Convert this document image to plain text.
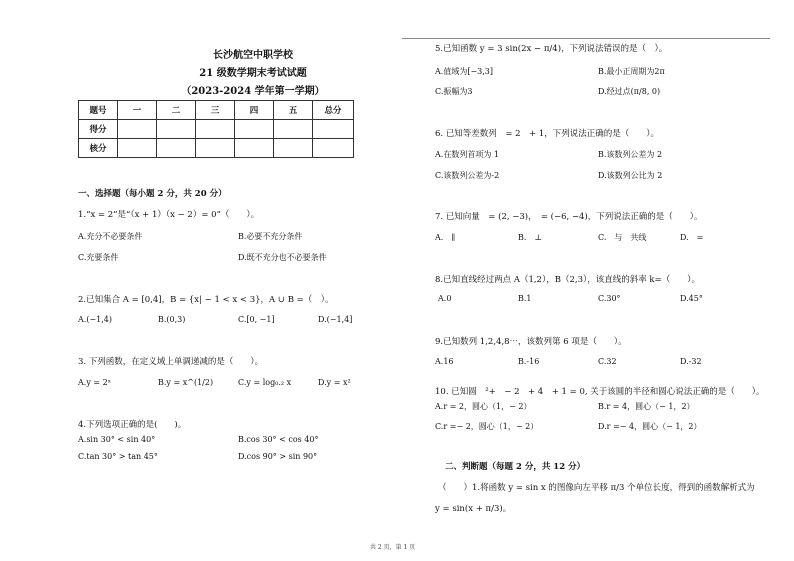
长沙航空中职学校
21 级数学期末考试试题
（2023-2024 学年第一学期）
题号	一	二	三	四	五	总分
得分						
核分						
一、选择题（每小题 2 分，共 20 分）
1.“x = 2”是“（x + 1）（x − 2）= 0”（　　）。
A.充分不必要条件	B.必要不充分条件
C.充要条件	D.既不充分也不必要条件
2.已知集合 A = [0,4]，B = {x| − 1 < x < 3}，A ∪ B =（　）。
A.(−1,4)	B.(0,3)	C.[0, −1]	D.(−1,4]
3. 下列函数，在定义域上单调递减的是（　　）。
A.y = 2ˣ	B.y = x^(1/2)	C.y = log₀.₂ x	D.y = x²
4.下列选项正确的是(　　)。
A.sin 30° < sin 40°	B.cos 30° < cos 40°
C.tan 30° > tan 45°	D.cos 90° > sin 90°
5.已知函数 y = 3 sin(2x − π/4)，下列说法错误的是（　）。
A.值域为[−3,3]	B.最小正周期为2π
C.振幅为3	D.经过点(π/8, 0)
6. 已知等差数列　= 2　+ 1，下列说法正确的是（　　）。
A.在数列首项为 1	B.该数列公差为 2
C.该数列公差为-2	D.该数列公比为 2
7. 已知向量　= (2, −3)，　= (−6, −4)，下列说法正确的是（　　）。
A.　∥	B.　⊥	C.　与　共线	D.　=
8.已知直线经过两点 A（1,2），B（2,3），该直线的斜率 k=（　　）。
A.0	B.1	C.30°	D.45°
9.已知数列 1,2,4,8⋯，该数列第 6 项是（　　）。
A.16	B.-16	C.32	D.-32
10. 已知圆　²+　− 2　+ 4　+ 1 = 0, 关于该圆的半径和圆心说法正确的是（　　）。
A.r = 2，圆心（1，− 2）	B.r = 4，圆心（− 1，2）
C.r =− 2，圆心（1，− 2）	D.r =− 4，圆心（− 1，2）
二、判断题（每题 2 分，共 12 分）
（　　）1.将函数 y = sin x 的图像向左平移 π/3 个单位长度，得到的函数解析式为
y = sin(x + π/3)。
共 2 页，第 1 页
